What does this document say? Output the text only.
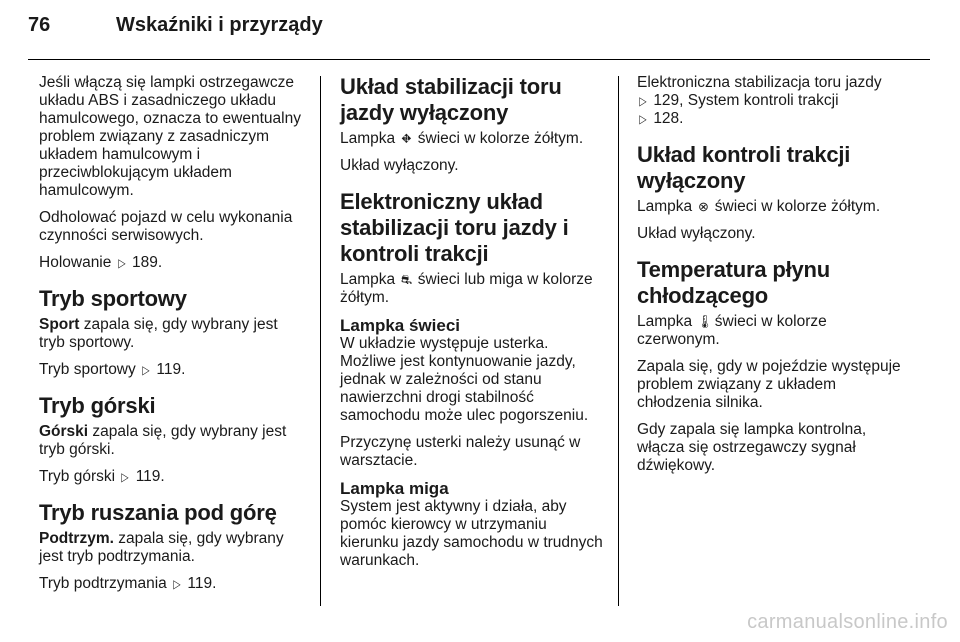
76	Wskaźniki i przyrządy

Jeśli włączą się lampki ostrzegawcze układu ABS i zasadniczego układu hamulcowego, oznacza to ewentualny problem związany z zasadniczym układem hamulcowym i przeciwblokującym układem hamulcowym.

Odholować pojazd w celu wykonania czynności serwisowych.

Holowanie ▷ 189.

Tryb sportowy

Sport zapala się, gdy wybrany jest tryb sportowy.

Tryb sportowy ▷ 119.

Tryb górski

Górski zapala się, gdy wybrany jest tryb górski.

Tryb górski ▷ 119.

Tryb ruszania pod górę

Podtrzym. zapala się, gdy wybrany jest tryb podtrzymania.

Tryb podtrzymania ▷ 119.

Układ stabilizacji toru jazdy wyłączony

Lampka ⛖ świeci w kolorze żółtym.

Układ wyłączony.

Elektroniczny układ stabilizacji toru jazdy i kontroli trakcji

Lampka ⛐ świeci lub miga w kolorze żółtym.

Lampka świeci

W układzie występuje usterka. Możliwe jest kontynuowanie jazdy, jednak w zależności od stanu nawierzchni drogi stabilność samochodu może ulec pogorszeniu.

Przyczynę usterki należy usunąć w warsztacie.

Lampka miga

System jest aktywny i działa, aby pomóc kierowcy w utrzymaniu kierunku jazdy samochodu w trudnych warunkach.

Elektroniczna stabilizacja toru jazdy
▷ 129, System kontroli trakcji
▷ 128.

Układ kontroli trakcji wyłączony

Lampka ⊗ świeci w kolorze żółtym.

Układ wyłączony.

Temperatura płynu chłodzącego

Lampka 🌡 świeci w kolorze czerwonym.

Zapala się, gdy w pojeździe występuje problem związany z układem chłodzenia silnika.

Gdy zapala się lampka kontrolna, włącza się ostrzegawczy sygnał dźwiękowy.

carmanualsonline.info
